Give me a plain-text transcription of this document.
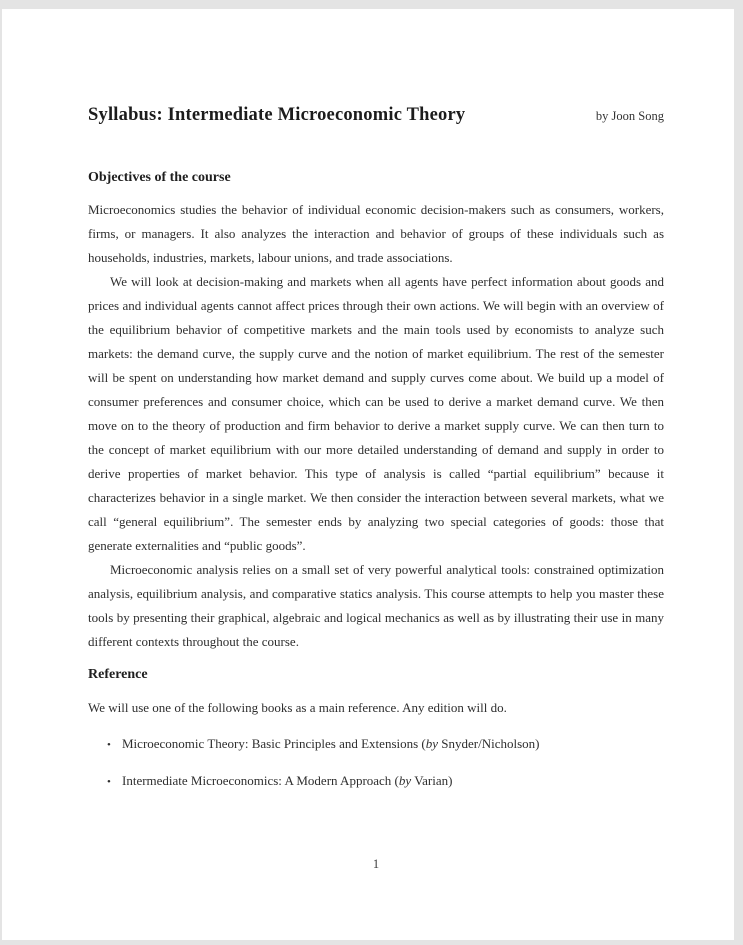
Syllabus: Intermediate Microeconomic Theory	by Joon Song
Objectives of the course

Microeconomics studies the behavior of individual economic decision-makers such as consumers, workers, firms, or managers. It also analyzes the interaction and behavior of groups of these individuals such as households, industries, markets, labour unions, and trade associations.

We will look at decision-making and markets when all agents have perfect information about goods and prices and individual agents cannot affect prices through their own actions. We will begin with an overview of the equilibrium behavior of competitive markets and the main tools used by economists to analyze such markets: the demand curve, the supply curve and the notion of market equilibrium. The rest of the semester will be spent on understanding how market demand and supply curves come about. We build up a model of consumer preferences and consumer choice, which can be used to derive a market demand curve. We then move on to the theory of production and firm behavior to derive a market supply curve. We can then turn to the concept of market equilibrium with our more detailed understanding of demand and supply in order to derive properties of market behavior. This type of analysis is called “partial equilibrium” because it characterizes behavior in a single market. We then consider the interaction between several markets, what we call “general equilibrium”. The semester ends by analyzing two special categories of goods: those that generate externalities and “public goods”.

Microeconomic analysis relies on a small set of very powerful analytical tools: constrained optimization analysis, equilibrium analysis, and comparative statics analysis. This course attempts to help you master these tools by presenting their graphical, algebraic and logical mechanics as well as by illustrating their use in many different contexts throughout the course.

Reference
We will use one of the following books as a main reference. Any edition will do.
• Microeconomic Theory: Basic Principles and Extensions (by Snyder/Nicholson)
• Intermediate Microeconomics: A Modern Approach (by Varian)
1
